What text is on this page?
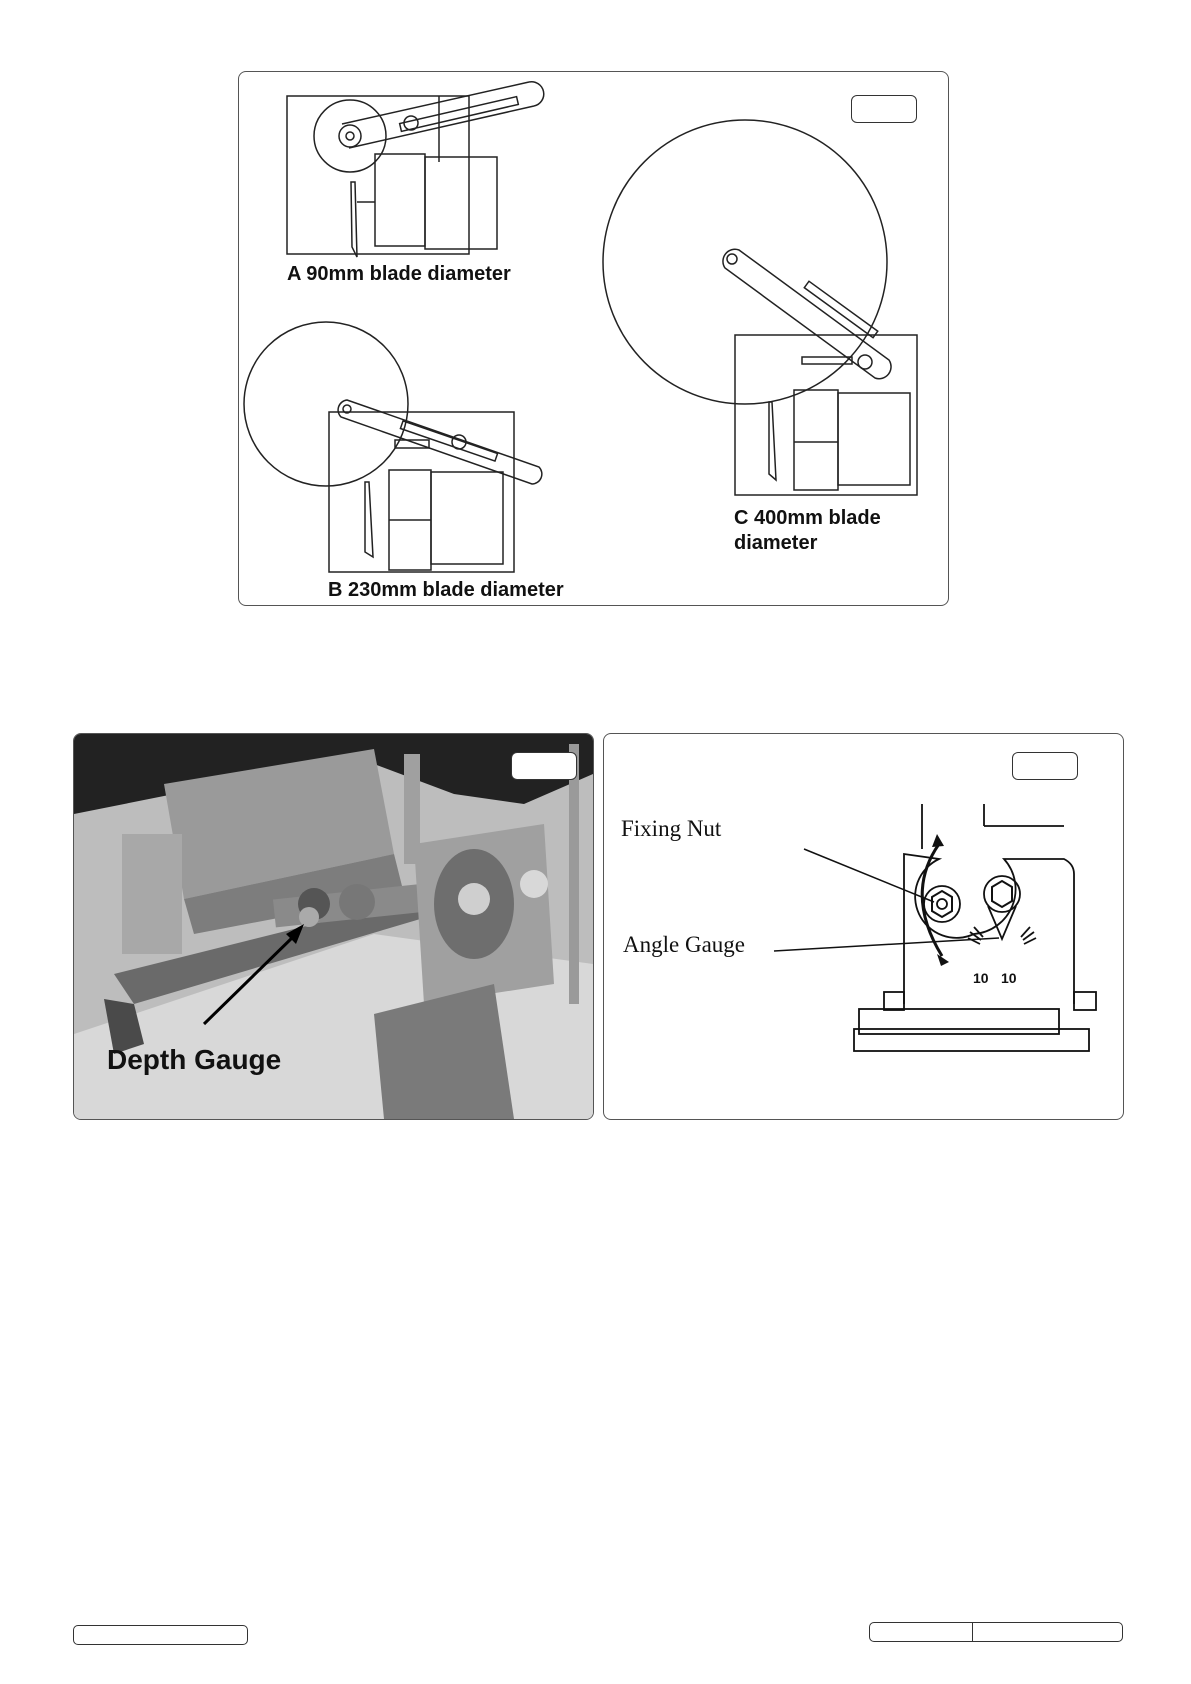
A 90mm blade diameter
B 230mm blade diameter
C 400mm blade
diameter
Depth Gauge
Fixing Nut
Angle Gauge
10 10
